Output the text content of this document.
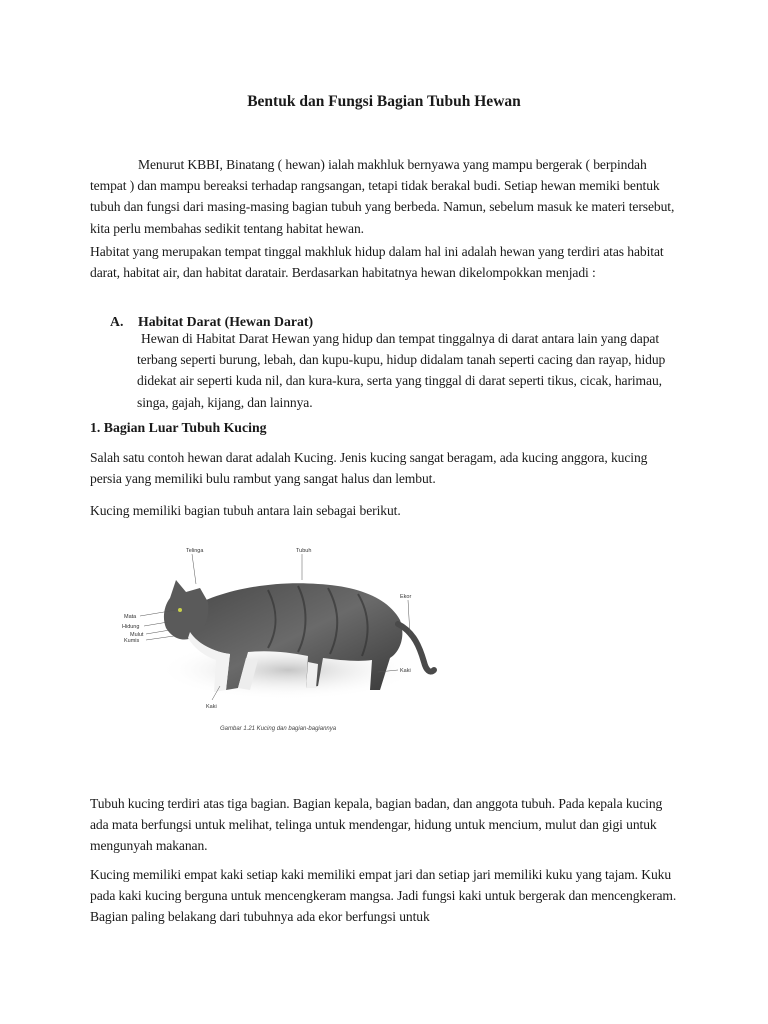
Bentuk dan Fungsi Bagian Tubuh Hewan

Menurut KBBI, Binatang ( hewan) ialah makhluk bernyawa yang mampu bergerak ( berpindah tempat ) dan mampu bereaksi terhadap rangsangan, tetapi tidak berakal budi. Setiap hewan memiki bentuk tubuh dan fungsi dari masing-masing bagian tubuh yang berbeda. Namun, sebelum masuk ke materi tersebut, kita perlu membahas sedikit tentang habitat hewan.

Habitat yang merupakan tempat tinggal makhluk hidup dalam hal ini adalah hewan yang terdiri atas habitat darat, habitat air, dan habitat daratair. Berdasarkan habitatnya hewan dikelompokkan menjadi :

A. Habitat Darat (Hewan Darat)

Hewan di Habitat Darat Hewan yang hidup dan tempat tinggalnya di darat antara lain yang dapat terbang seperti burung, lebah, dan kupu-kupu, hidup didalam tanah seperti cacing dan rayap, hidup didekat air seperti kuda nil, dan kura-kura, serta yang tinggal di darat seperti tikus, cicak, harimau, singa, gajah, kijang, dan lainnya.

1. Bagian Luar Tubuh Kucing

Salah satu contoh hewan darat adalah Kucing. Jenis kucing sangat beragam, ada kucing anggora, kucing persia yang memiliki bulu rambut yang sangat halus dan lembut.

Kucing memiliki bagian tubuh antara lain sebagai berikut.

Telinga	Tubuh
Ekor
Mata
Hidung
Mulut
Kumis
Kaki
Kaki
Gambar 1.21 Kucing dan bagian-bagiannya

Tubuh kucing terdiri atas tiga bagian. Bagian kepala, bagian badan, dan anggota tubuh. Pada kepala kucing ada mata berfungsi untuk melihat, telinga untuk mendengar, hidung untuk mencium, mulut dan gigi untuk mengunyah makanan.

Kucing memiliki empat kaki setiap kaki memiliki empat jari dan setiap jari memiliki kuku yang tajam. Kuku pada kaki kucing berguna untuk mencengkeram mangsa. Jadi fungsi kaki untuk bergerak dan mencengkeram. Bagian paling belakang dari tubuhnya ada ekor berfungsi untuk
